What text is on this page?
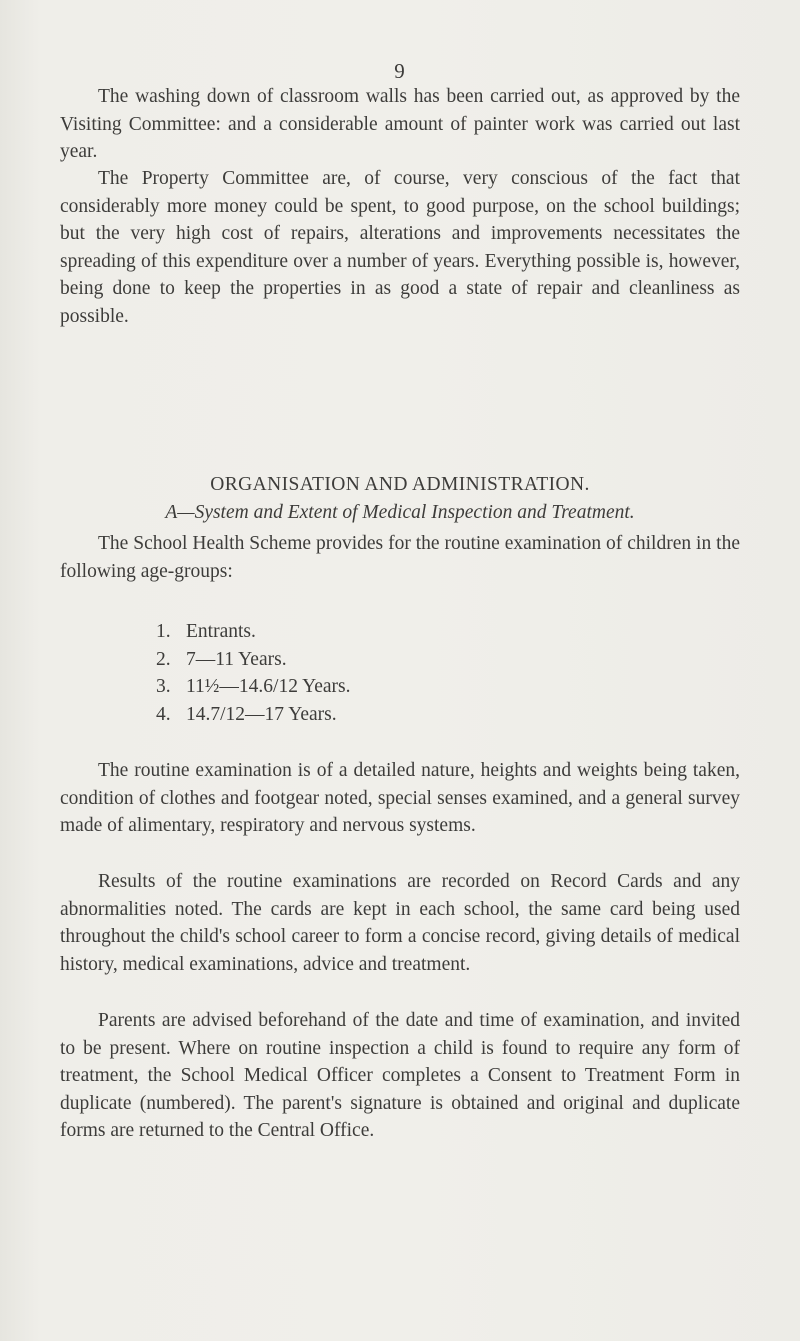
9

The washing down of classroom walls has been carried out, as approved by the Visiting Committee: and a considerable amount of painter work was carried out last year.

The Property Committee are, of course, very conscious of the fact that considerably more money could be spent, to good purpose, on the school buildings; but the very high cost of repairs, alterations and improvements necessitates the spreading of this expenditure over a number of years. Everything possible is, however, being done to keep the properties in as good a state of repair and cleanliness as possible.

ORGANISATION AND ADMINISTRATION.
A—System and Extent of Medical Inspection and Treatment.

The School Health Scheme provides for the routine examination of children in the following age-groups:

1. Entrants.
2. 7—11 Years.
3. 11½—14.6/12 Years.
4. 14.7/12—17 Years.

The routine examination is of a detailed nature, heights and weights being taken, condition of clothes and footgear noted, special senses examined, and a general survey made of alimentary, respiratory and nervous systems.

Results of the routine examinations are recorded on Record Cards and any abnormalities noted. The cards are kept in each school, the same card being used throughout the child's school career to form a concise record, giving details of medical history, medical examinations, advice and treatment.

Parents are advised beforehand of the date and time of examination, and invited to be present. Where on routine inspection a child is found to require any form of treatment, the School Medical Officer completes a Consent to Treatment Form in duplicate (numbered). The parent's signature is obtained and original and duplicate forms are returned to the Central Office.
